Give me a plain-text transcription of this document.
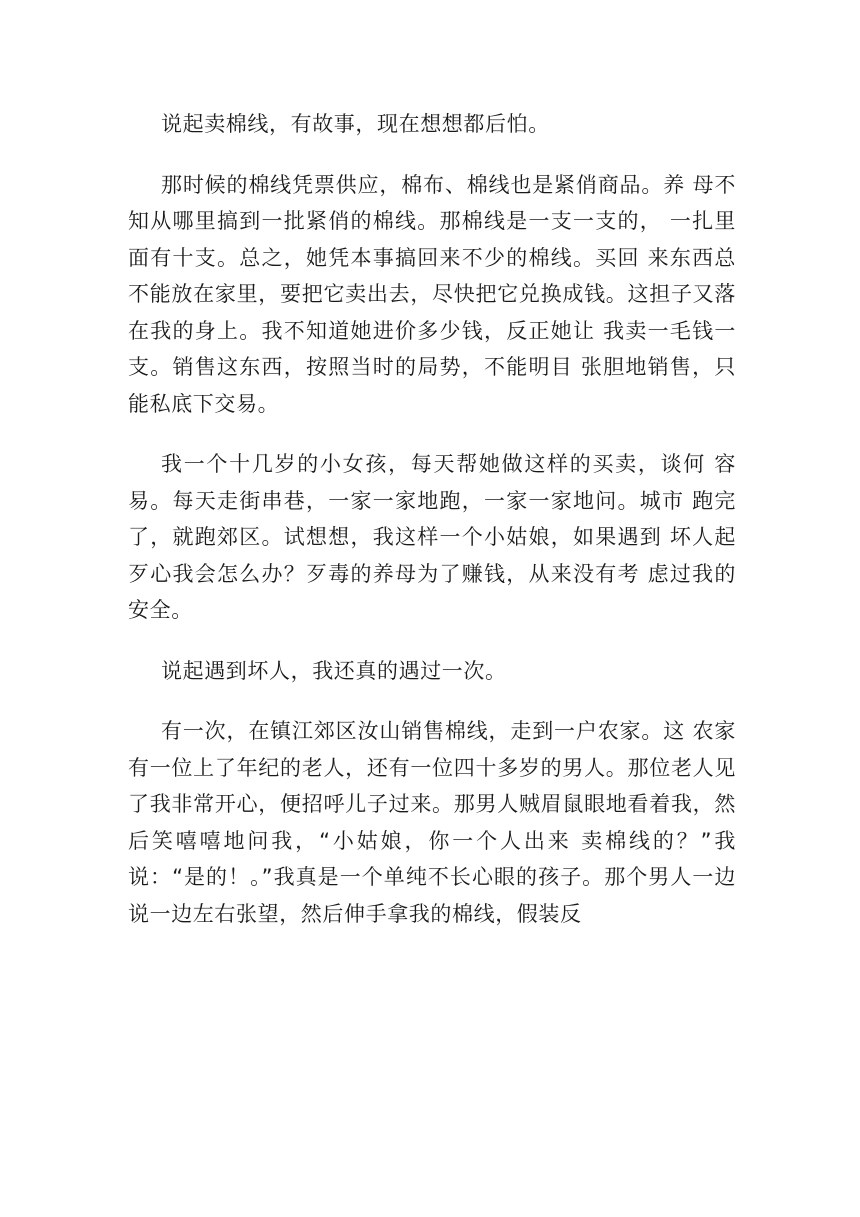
说起卖棉线，有故事，现在想想都后怕。

那时候的棉线凭票供应，棉布、棉线也是紧俏商品。养 母不知从哪里搞到一批紧俏的棉线。那棉线是一支一支的， 一扎里面有十支。总之，她凭本事搞回来不少的棉线。买回 来东西总不能放在家里，要把它卖出去，尽快把它兑换成钱。这担子又落在我的身上。我不知道她进价多少钱，反正她让 我卖一毛钱一支。销售这东西，按照当时的局势，不能明目 张胆地销售，只能私底下交易。

我一个十几岁的小女孩，每天帮她做这样的买卖，谈何 容易。每天走街串巷，一家一家地跑，一家一家地问。城市 跑完了，就跑郊区。试想想，我这样一个小姑娘，如果遇到 坏人起歹心我会怎么办？歹毒的养母为了赚钱，从来没有考 虑过我的安全。

说起遇到坏人，我还真的遇过一次。

有一次，在镇江郊区汝山销售棉线，走到一户农家。这 农家有一位上了年纪的老人，还有一位四十多岁的男人。那位老人见了我非常开心，便招呼儿子过来。那男人贼眉鼠眼地看着我，然后笑嘻嘻地问我，“小姑娘，你一个人出来 卖棉线的？”我说：“是的！。”我真是一个单纯不长心眼的孩子。那个男人一边说一边左右张望，然后伸手拿我的棉线，假装反
